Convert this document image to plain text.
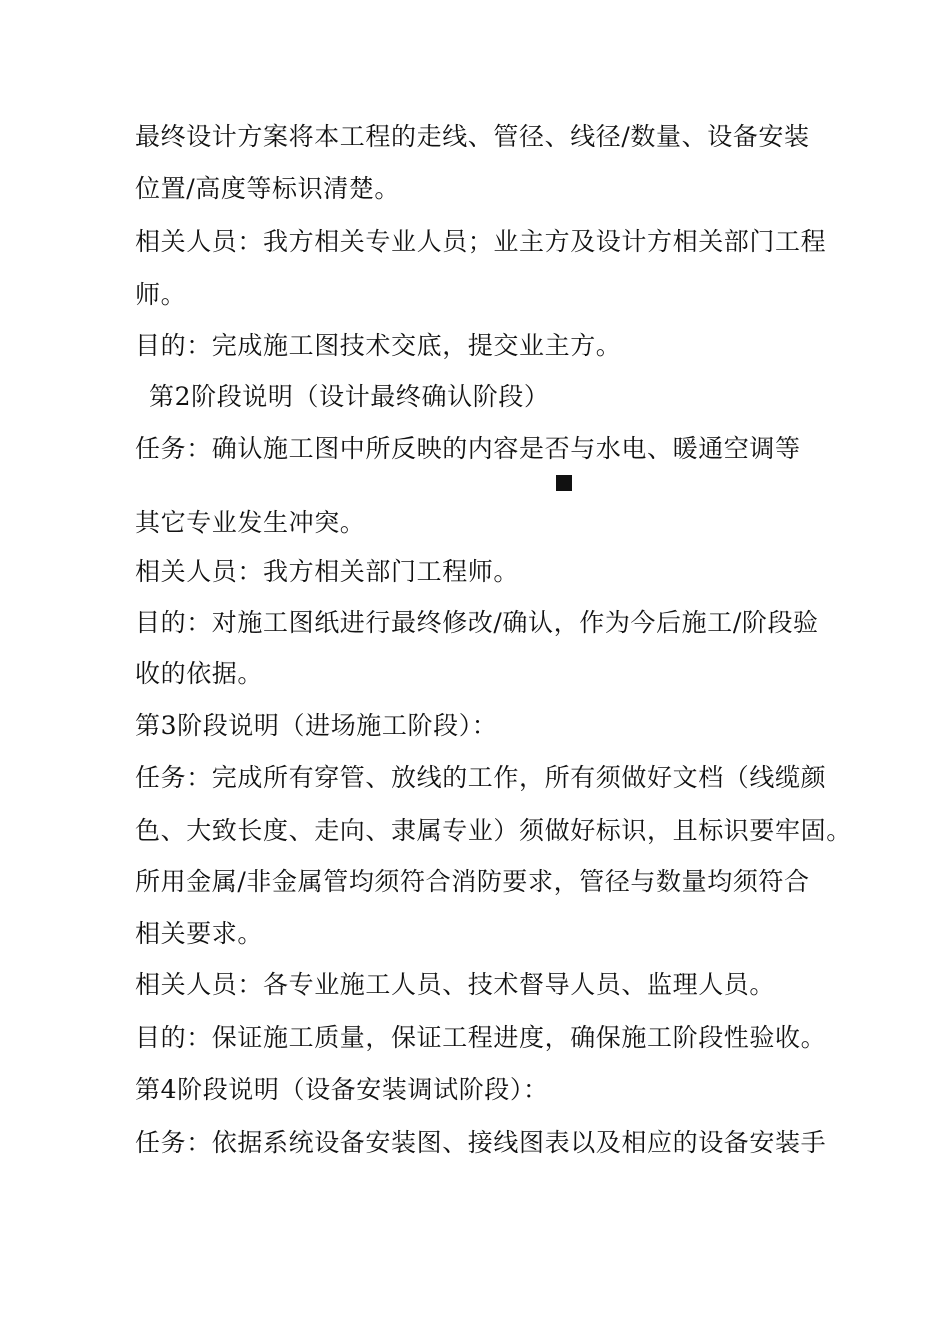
最终设计方案将本工程的走线、管径、线径/数量、设备安装

位置/高度等标识清楚。

相关人员：我方相关专业人员；业主方及设计方相关部门工程

师。

目的：完成施工图技术交底，提交业主方。

第2阶段说明（设计最终确认阶段）

任务：确认施工图中所反映的内容是否与水电、暖通空调等

其它专业发生冲突。

相关人员：我方相关部门工程师。

目的：对施工图纸进行最终修改/确认，作为今后施工/阶段验

收的依据。

第3阶段说明（进场施工阶段）：

任务：完成所有穿管、放线的工作，所有须做好文档（线缆颜

色、大致长度、走向、隶属专业）须做好标识，且标识要牢固。

所用金属/非金属管均须符合消防要求，管径与数量均须符合

相关要求。

相关人员：各专业施工人员、技术督导人员、监理人员。

目的：保证施工质量，保证工程进度，确保施工阶段性验收。

第4阶段说明（设备安装调试阶段）：

任务：依据系统设备安装图、接线图表以及相应的设备安装手
